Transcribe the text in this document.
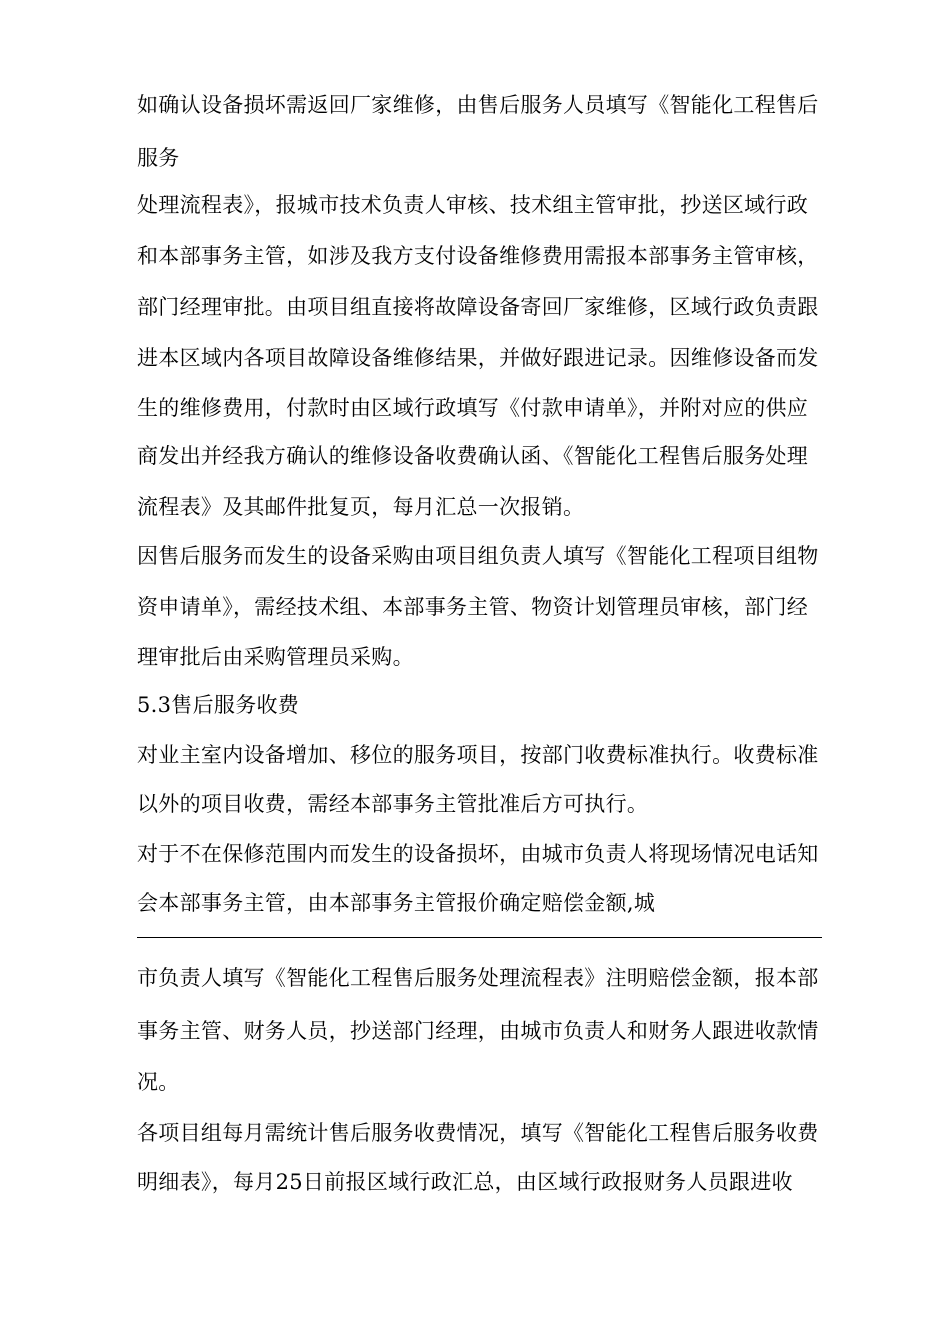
如确认设备损坏需返回厂家维修，由售后服务人员填写《智能化工程售后
服务
处理流程表》，报城市技术负责人审核、技术组主管审批，抄送区域行政
和本部事务主管，如涉及我方支付设备维修费用需报本部事务主管审核，
部门经理审批。由项目组直接将故障设备寄回厂家维修，区域行政负责跟
进本区域内各项目故障设备维修结果，并做好跟进记录。因维修设备而发
生的维修费用，付款时由区域行政填写《付款申请单》，并附对应的供应
商发出并经我方确认的维修设备收费确认函、《智能化工程售后服务处理
流程表》及其邮件批复页，每月汇总一次报销。
因售后服务而发生的设备采购由项目组负责人填写《智能化工程项目组物
资申请单》，需经技术组、本部事务主管、物资计划管理员审核，部门经
理审批后由采购管理员采购。
5.3售后服务收费
对业主室内设备增加、移位的服务项目，按部门收费标准执行。收费标准
以外的项目收费，需经本部事务主管批准后方可执行。
对于不在保修范围内而发生的设备损坏，由城市负责人将现场情况电话知
会本部事务主管，由本部事务主管报价确定赔偿金额,城
市负责人填写《智能化工程售后服务处理流程表》注明赔偿金额，报本部
事务主管、财务人员，抄送部门经理，由城市负责人和财务人跟进收款情
况。
各项目组每月需统计售后服务收费情况，填写《智能化工程售后服务收费
明细表》，每月25日前报区域行政汇总，由区域行政报财务人员跟进收
